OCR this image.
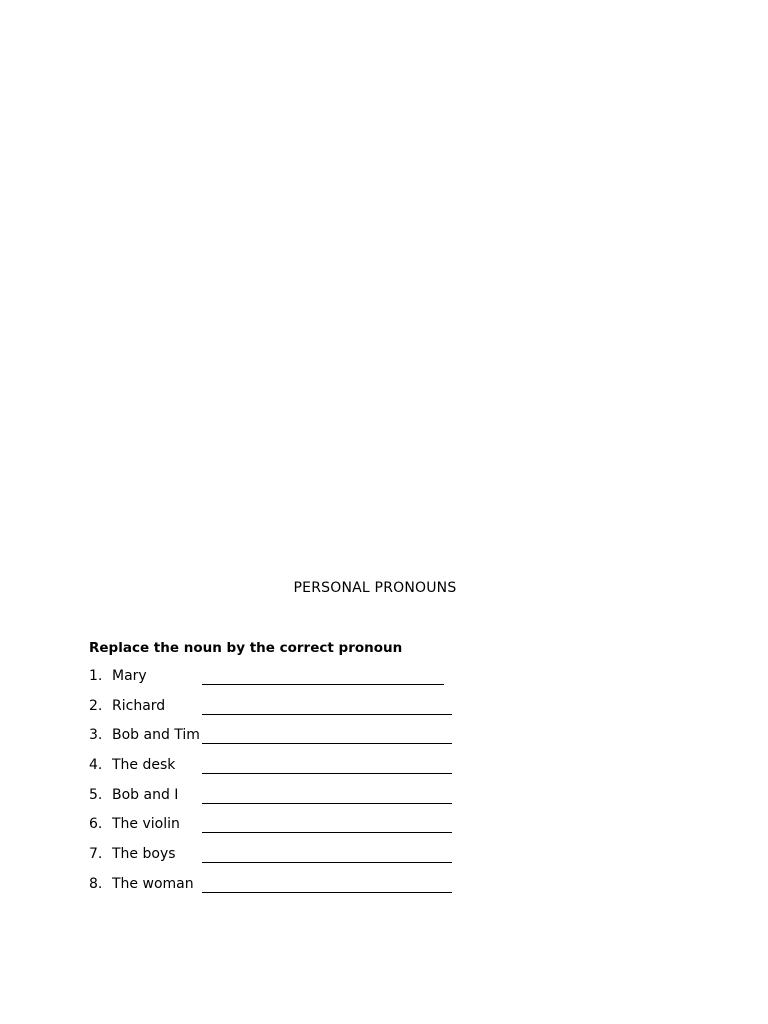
PERSONAL PRONOUNS
Replace the noun by the correct pronoun
1. Mary
2. Richard
3. Bob and Tim
4. The desk
5. Bob and I
6. The violin
7. The boys
8. The woman
